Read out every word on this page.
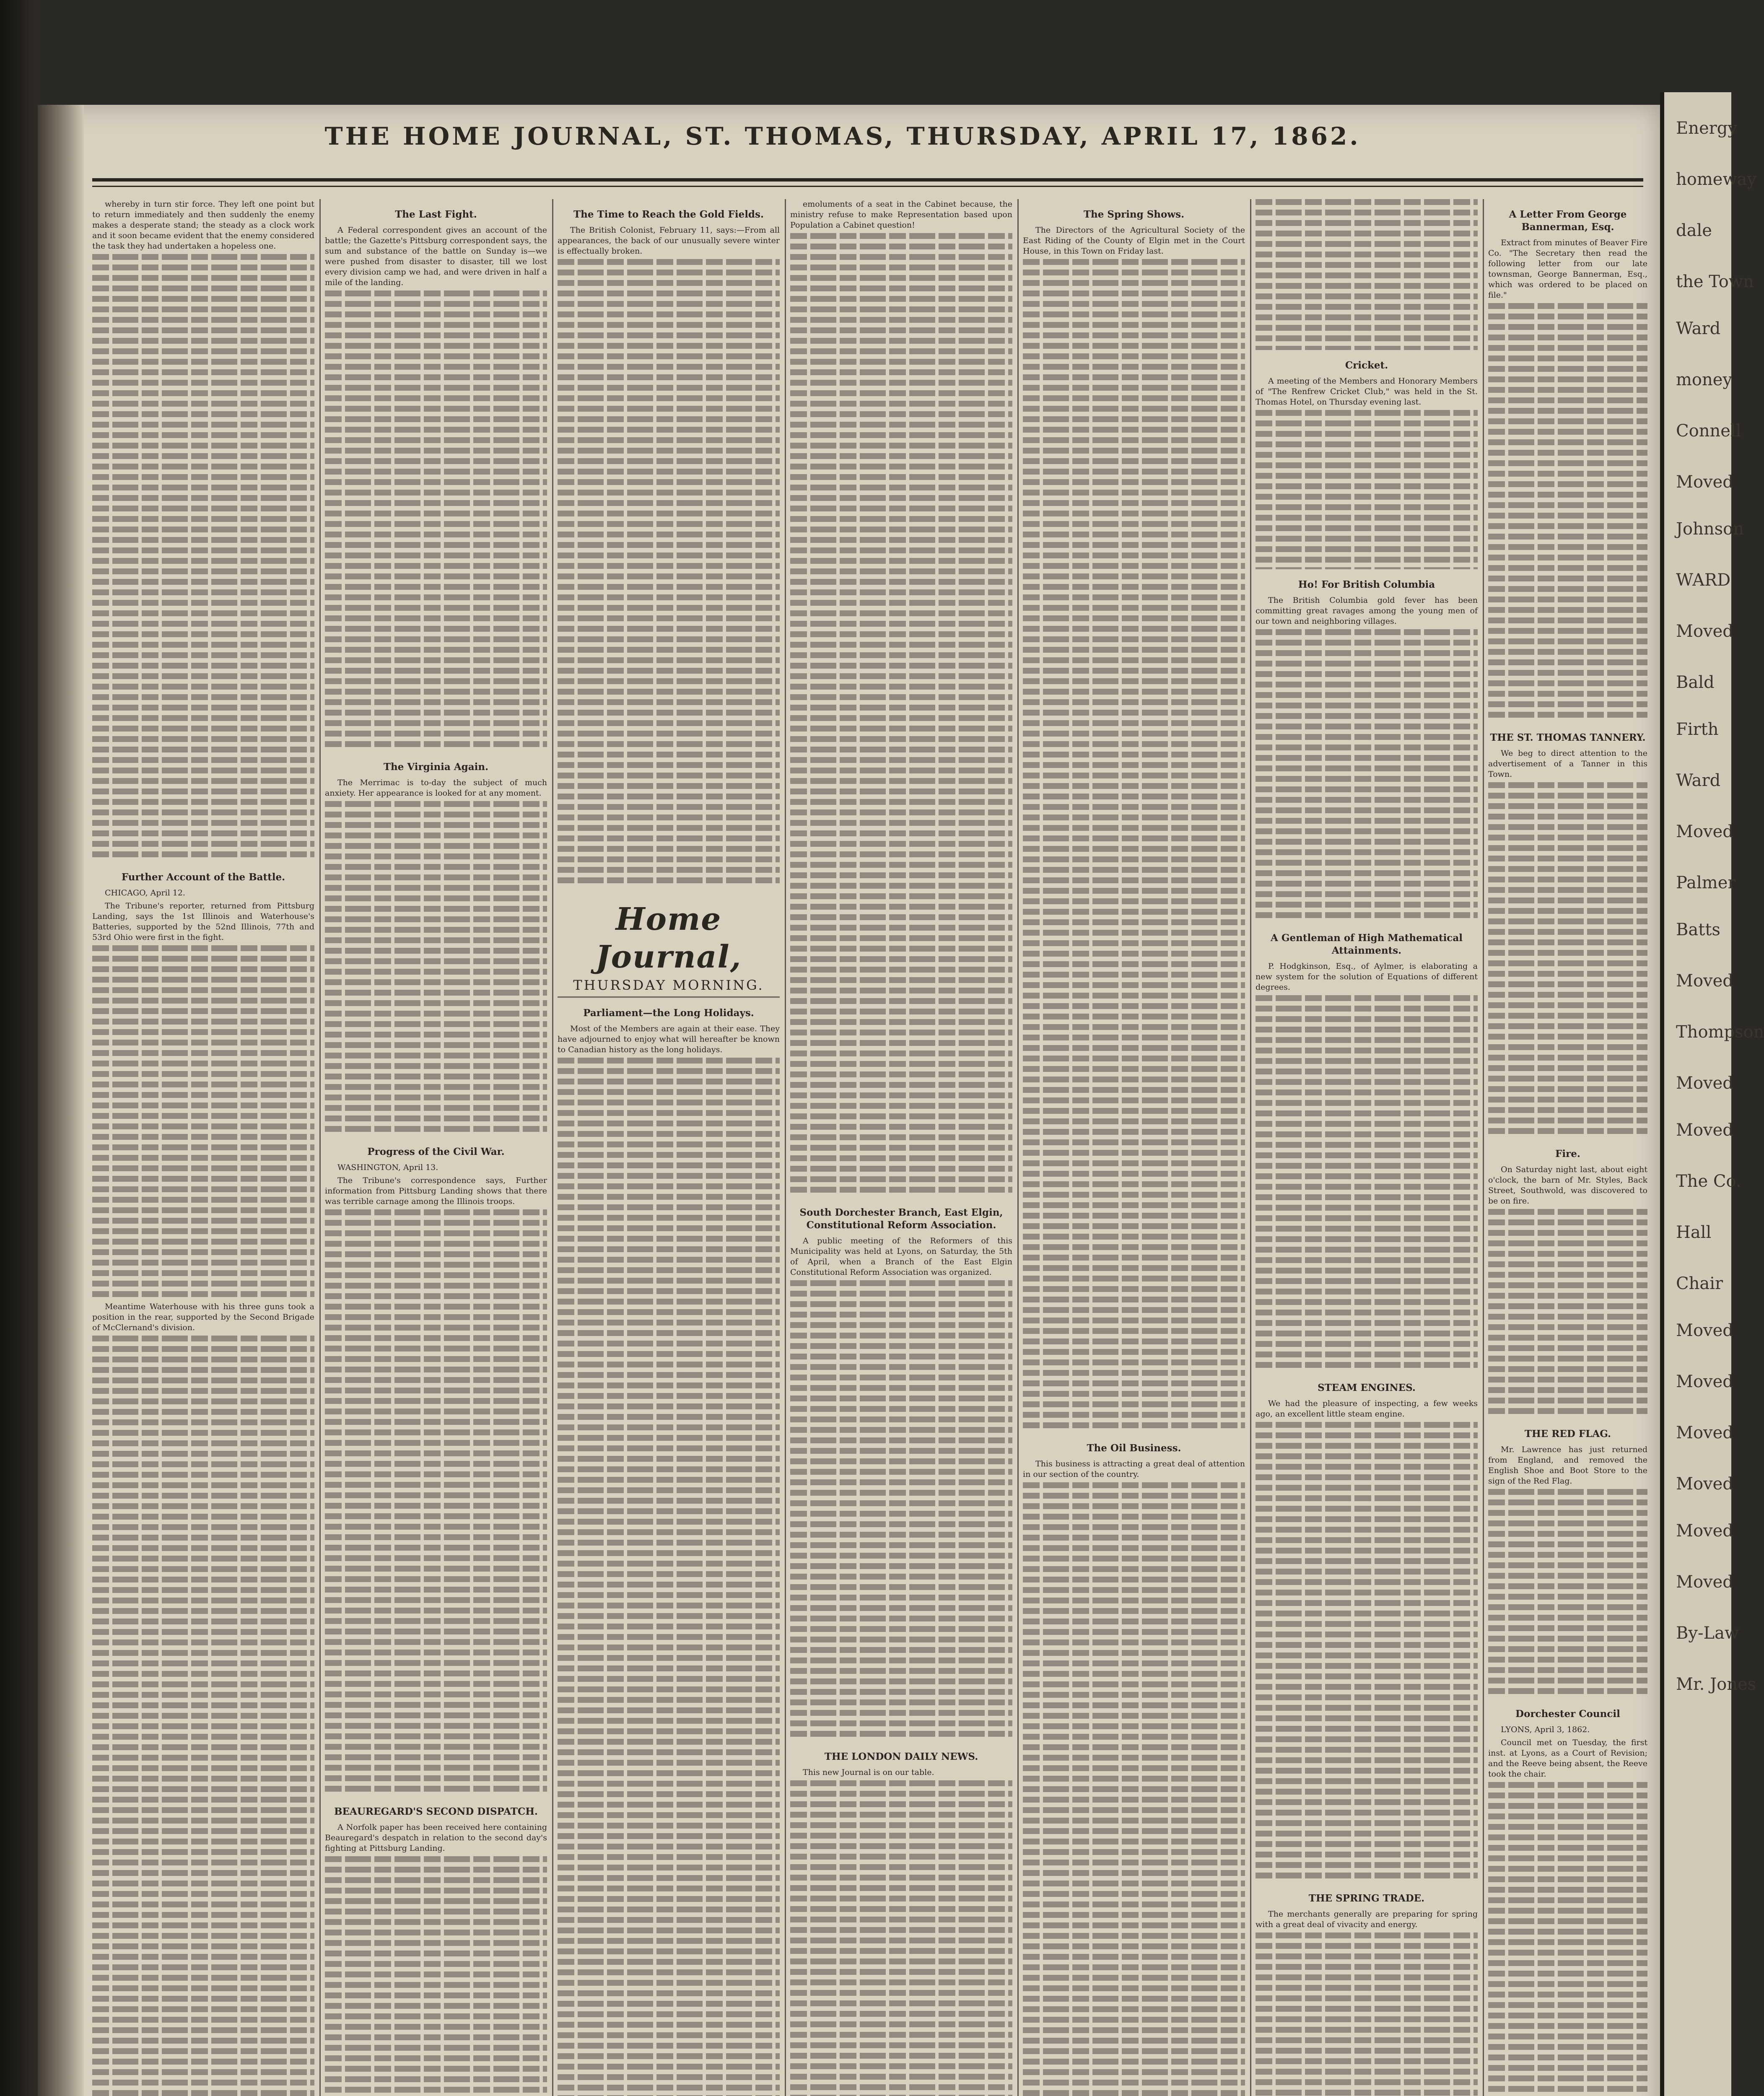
THE HOME JOURNAL, ST. THOMAS, THURSDAY, APRIL 17, 1862.
whereby in turn stir force. They left one point but to return immediately and then suddenly the enemy makes a desperate stand; the steady as a clock work and it soon became evident that the enemy considered the task they had undertaken a hopeless one.
Further Account of the Battle.
CHICAGO, April 12.
The Tribune's reporter, returned from Pittsburg Landing, says the 1st Illinois and Waterhouse's Batteries, supported by the 52nd Illinois, 77th and 53rd Ohio were first in the fight.
Meantime Waterhouse with his three guns took a position in the rear, supported by the Second Brigade of McClernand's division.
The Last Fight.
A Federal correspondent gives an account of the battle; the Gazette's Pittsburg correspondent says, the sum and substance of the battle on Sunday is—we were pushed from disaster to disaster, till we lost every division camp we had, and were driven in half a mile of the landing.
The Virginia Again.
The Merrimac is to-day the subject of much anxiety. Her appearance is looked for at any moment.
Progress of the Civil War.
WASHINGTON, April 13.
The Tribune's correspondence says, Further information from Pittsburg Landing shows that there was terrible carnage among the Illinois troops.
BEAUREGARD'S SECOND DISPATCH.
A Norfolk paper has been received here containing Beauregard's despatch in relation to the second day's fighting at Pittsburg Landing.
The Time to Reach the Gold Fields.
The British Colonist, February 11, says:—From all appearances, the back of our unusually severe winter is effectually broken.
Home Journal,
THURSDAY MORNING.
Parliament—the Long Holidays.
Most of the Members are again at their ease. They have adjourned to enjoy what will hereafter be known to Canadian history as the long holidays.
emoluments of a seat in the Cabinet because, the ministry refuse to make Representation based upon Population a Cabinet question!
South Dorchester Branch, East Elgin, Constitutional Reform Association.
A public meeting of the Reformers of this Municipality was held at Lyons, on Saturday, the 5th of April, when a Branch of the East Elgin Constitutional Reform Association was organized.
THE LONDON DAILY NEWS.
This new Journal is on our table.
The Spring Shows.
The Directors of the Agricultural Society of the East Riding of the County of Elgin met in the Court House, in this Town on Friday last.
The Oil Business.
This business is attracting a great deal of attention in our section of the country.
Cricket.
A meeting of the Members and Honorary Members of "The Renfrew Cricket Club," was held in the St. Thomas Hotel, on Thursday evening last.
Ho! For British Columbia
The British Columbia gold fever has been committing great ravages among the young men of our town and neighboring villages.
A Gentleman of High Mathematical Attainments.
P. Hodgkinson, Esq., of Aylmer, is elaborating a new system for the solution of Equations of different degrees.
STEAM ENGINES.
We had the pleasure of inspecting, a few weeks ago, an excellent little steam engine.
THE SPRING TRADE.
The merchants generally are preparing for spring with a great deal of vivacity and energy.
A Letter From George Bannerman, Esq.
Extract from minutes of Beaver Fire Co. "The Secretary then read the following letter from our late townsman, George Bannerman, Esq., which was ordered to be placed on file."
THE ST. THOMAS TANNERY.
We beg to direct attention to the advertisement of a Tanner in this Town.
Fire.
On Saturday night last, about eight o'clock, the barn of Mr. Styles, Back Street, Southwold, was discovered to be on fire.
THE RED FLAG.
Mr. Lawrence has just returned from England, and removed the English Shoe and Boot Store to the sign of the Red Flag.
Dorchester Council
LYONS, April 3, 1862.
Council met on Tuesday, the first inst. at Lyons, as a Court of Revision; and the Reeve being absent, the Reeve took the chair.
Energy
homeway
dale
the Town
Ward
money
Connell
Moved
Johnson
WARD
Moved
Bald
Firth
Ward
Moved
Palmer
Batts
Moved
Thompson
Moved
Moved
The Co.
Hall
Chair
Moved
Moved
Moved
Moved
Moved
Moved
By-Law
Mr. Jones
